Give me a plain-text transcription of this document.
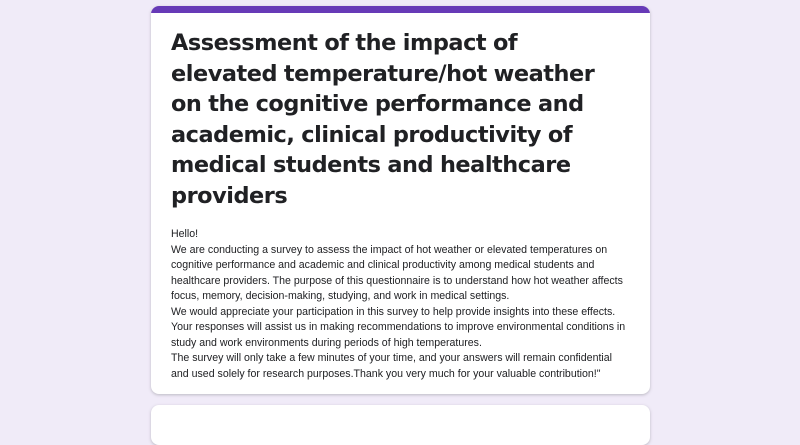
Assessment of the impact of elevated temperature/hot weather on the cognitive performance and academic, clinical productivity of medical students and healthcare providers

Hello!

We are conducting a survey to assess the impact of hot weather or elevated temperatures on cognitive performance and academic and clinical productivity among medical students and healthcare providers. The purpose of this questionnaire is to understand how hot weather affects focus, memory, decision-making, studying, and work in medical settings.

We would appreciate your participation in this survey to help provide insights into these effects. Your responses will assist us in making recommendations to improve environmental conditions in study and work environments during periods of high temperatures.

The survey will only take a few minutes of your time, and your answers will remain confidential and used solely for research purposes.Thank you very much for your valuable contribution!"
